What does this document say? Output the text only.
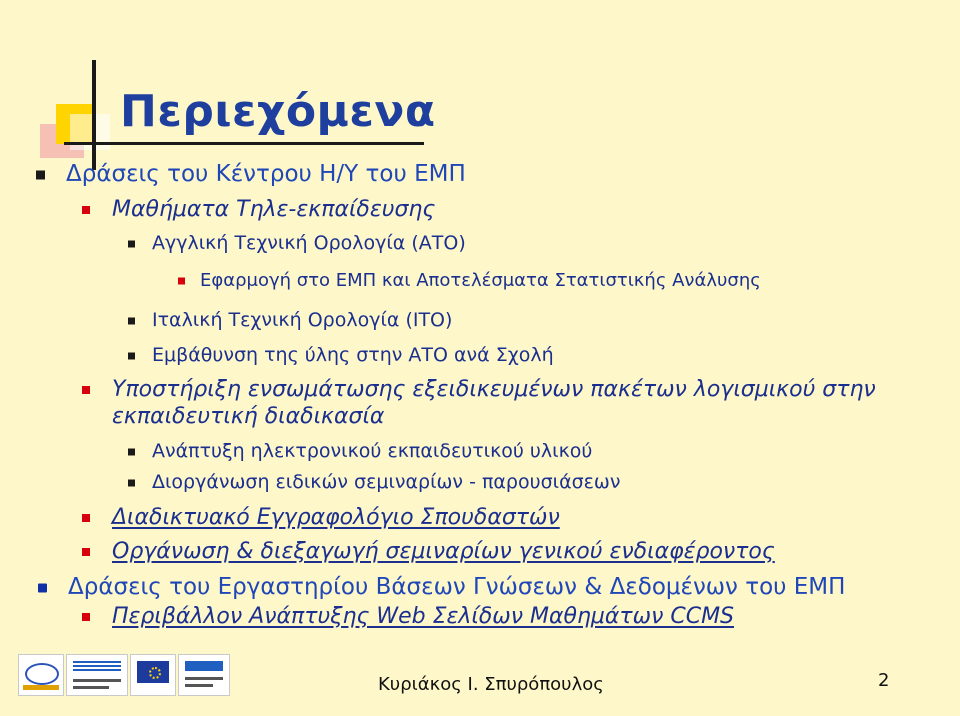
Περιεχόμενα
Δράσεις του Κέντρου Η/Υ του ΕΜΠ
Μαθήματα Τηλε-εκπαίδευσης
Αγγλική Τεχνική Ορολογία (ΑΤΟ)
Εφαρμογή στο ΕΜΠ και Αποτελέσματα Στατιστικής Ανάλυσης
Ιταλική Τεχνική Ορολογία (ΙΤΟ)
Εμβάθυνση της ύλης στην ΑΤΟ ανά Σχολή
Υποστήριξη ενσωμάτωσης εξειδικευμένων πακέτων λογισμικού στην
εκπαιδευτική διαδικασία
Ανάπτυξη ηλεκτρονικού εκπαιδευτικού υλικού
Διοργάνωση ειδικών σεμιναρίων - παρουσιάσεων
Διαδικτυακό Εγγραφολόγιο Σπουδαστών
Οργάνωση & διεξαγωγή σεμιναρίων γενικού ενδιαφέροντος
Δράσεις του Εργαστηρίου Βάσεων Γνώσεων & Δεδομένων του ΕΜΠ
Περιβάλλον Ανάπτυξης Web Σελίδων Μαθημάτων CCMS
Κυριάκος Ι. Σπυρόπουλος	2
